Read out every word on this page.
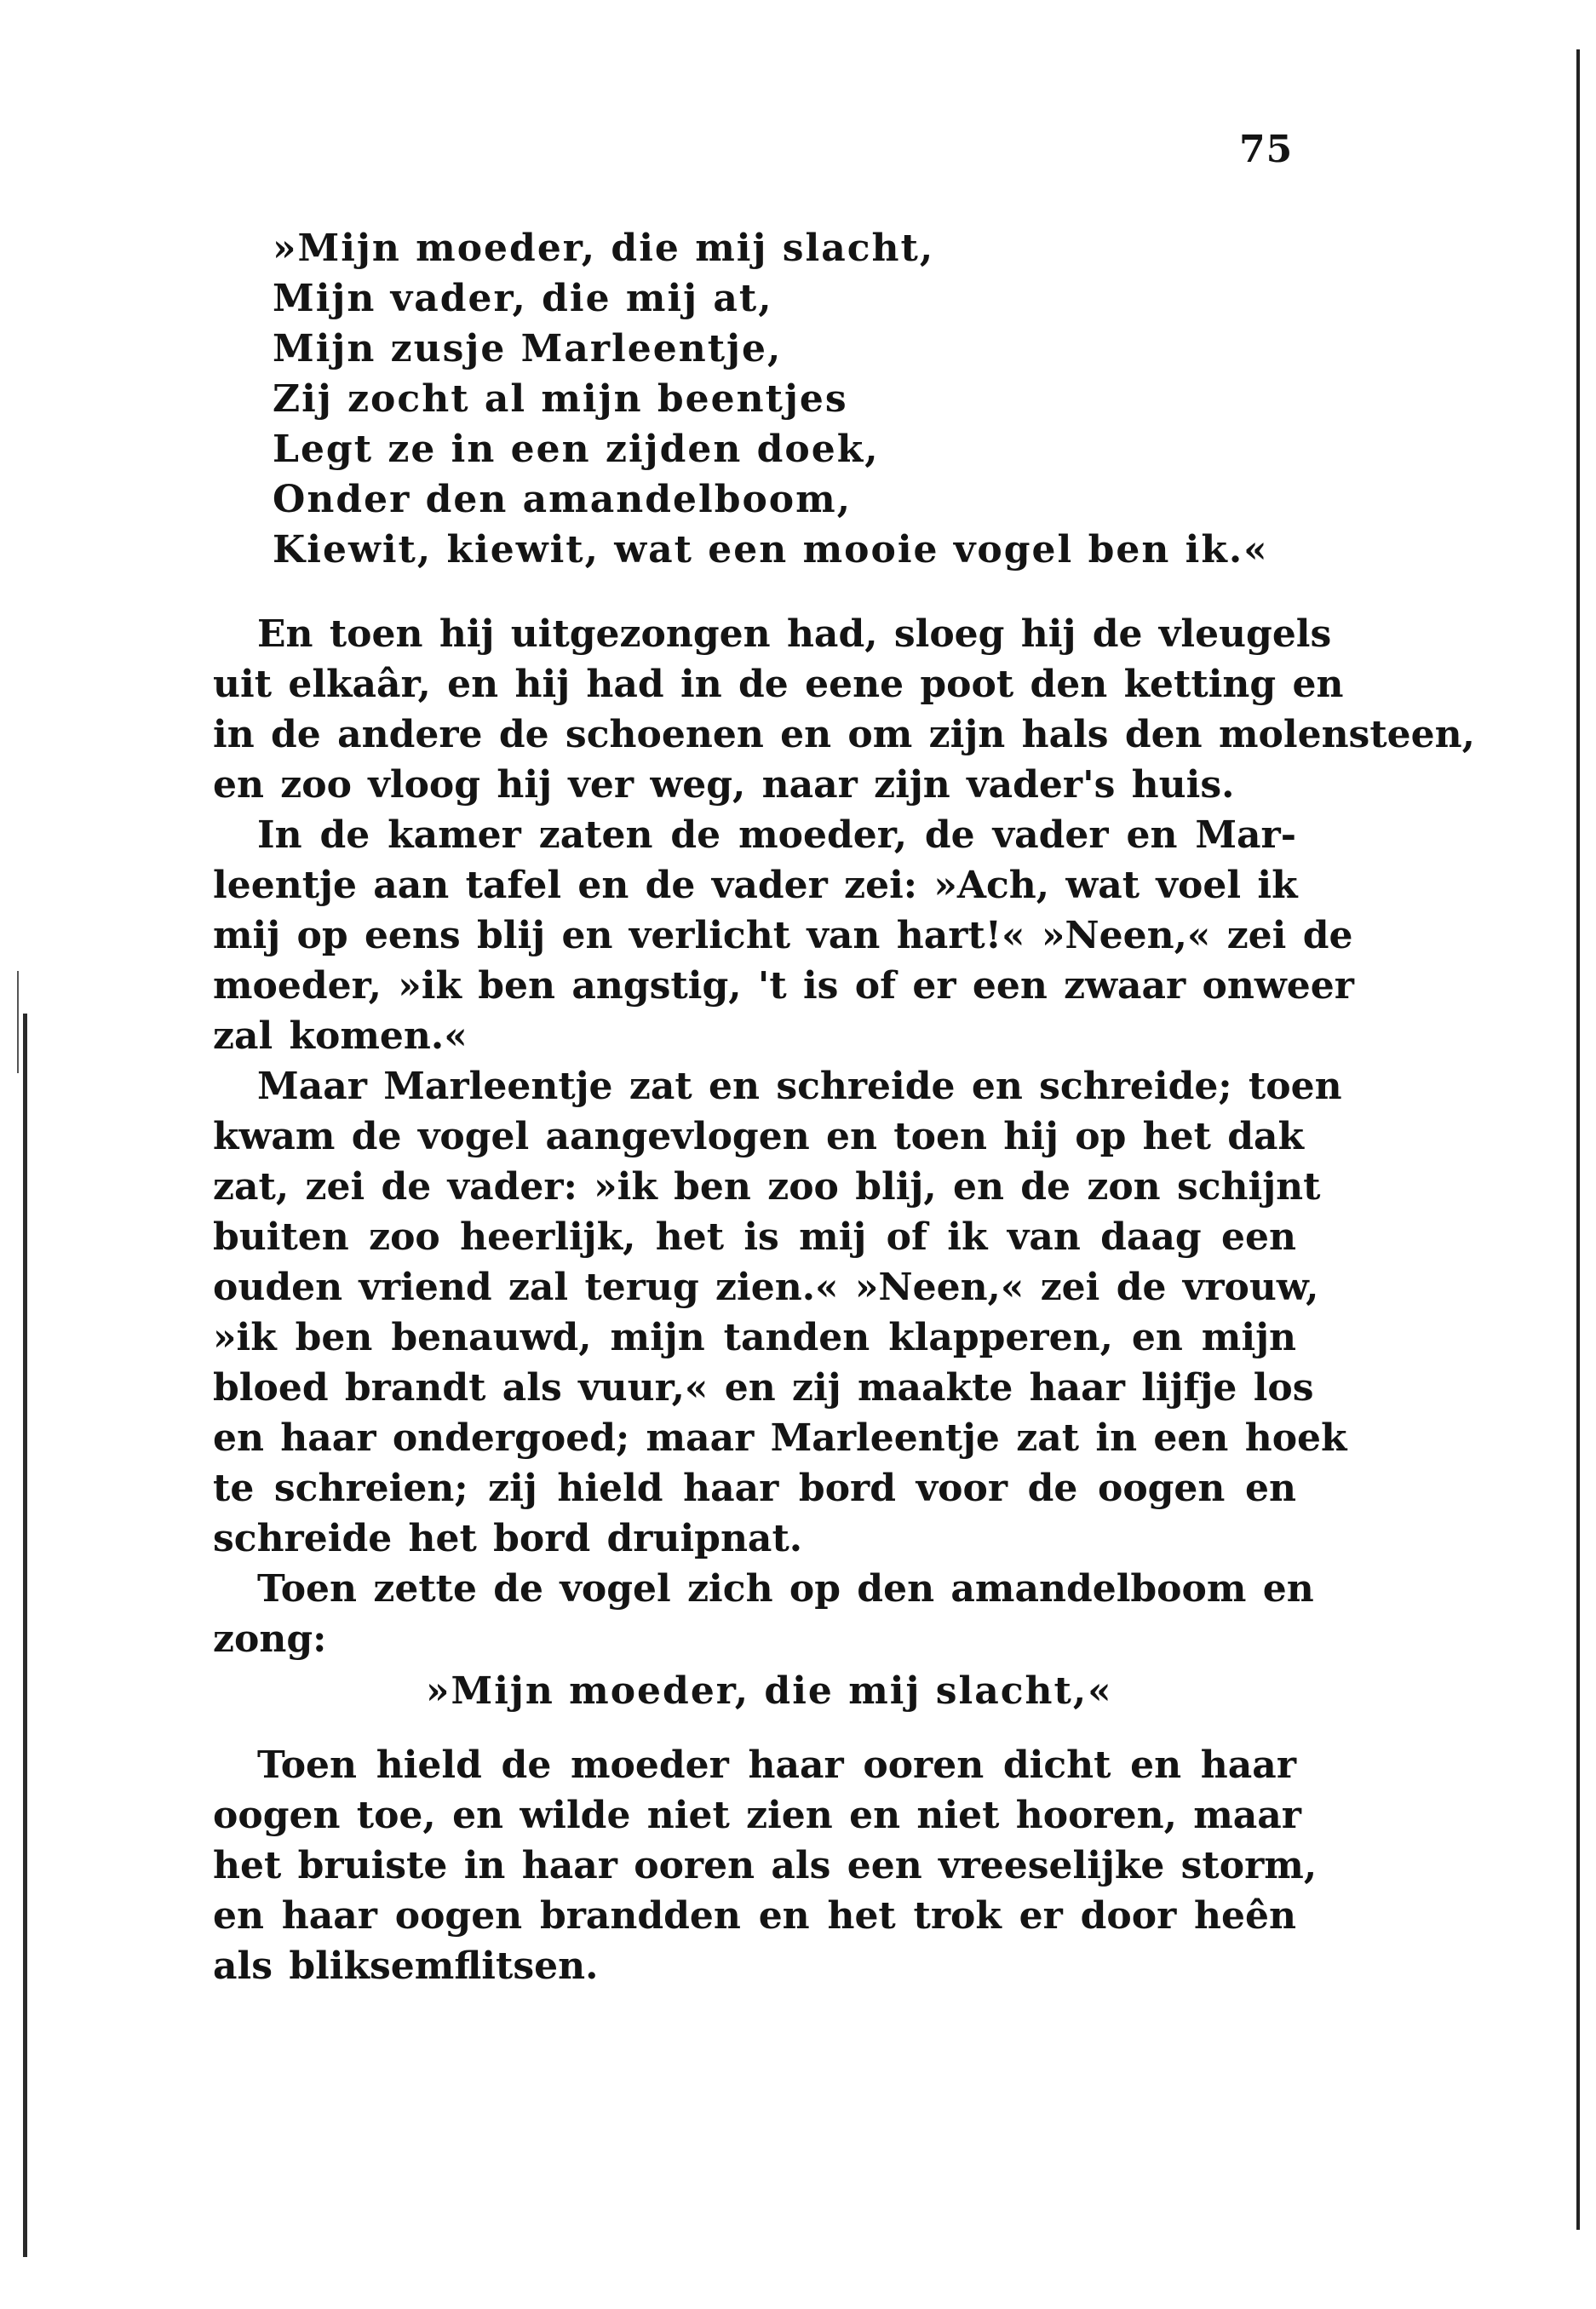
75
»Mijn moeder, die mij slacht,
Mijn vader, die mij at,
Mijn zusje Marleentje,
Zij zocht al mijn beentjes
Legt ze in een zijden doek,
Onder den amandelboom,
Kiewit, kiewit, wat een mooie vogel ben ik.«
En toen hij uitgezongen had, sloeg hij de vleugels
uit elkaâr, en hij had in de eene poot den ketting en
in de andere de schoenen en om zijn hals den molensteen,
en zoo vloog hij ver weg, naar zijn vader's huis.
In de kamer zaten de moeder, de vader en Mar-
leentje aan tafel en de vader zei: »Ach, wat voel ik
mij op eens blij en verlicht van hart!« »Neen,« zei de
moeder, »ik ben angstig, 't is of er een zwaar onweer
zal komen.«
Maar Marleentje zat en schreide en schreide; toen
kwam de vogel aangevlogen en toen hij op het dak
zat, zei de vader: »ik ben zoo blij, en de zon schijnt
buiten zoo heerlijk, het is mij of ik van daag een
ouden vriend zal terug zien.« »Neen,« zei de vrouw,
»ik ben benauwd, mijn tanden klapperen, en mijn
bloed brandt als vuur,« en zij maakte haar lijfje los
en haar ondergoed; maar Marleentje zat in een hoek
te schreien; zij hield haar bord voor de oogen en
schreide het bord druipnat.
Toen zette de vogel zich op den amandelboom en
zong:
»Mijn moeder, die mij slacht,«
Toen hield de moeder haar ooren dicht en haar
oogen toe, en wilde niet zien en niet hooren, maar
het bruiste in haar ooren als een vreeselijke storm,
en haar oogen brandden en het trok er door heên
als bliksemflitsen.
